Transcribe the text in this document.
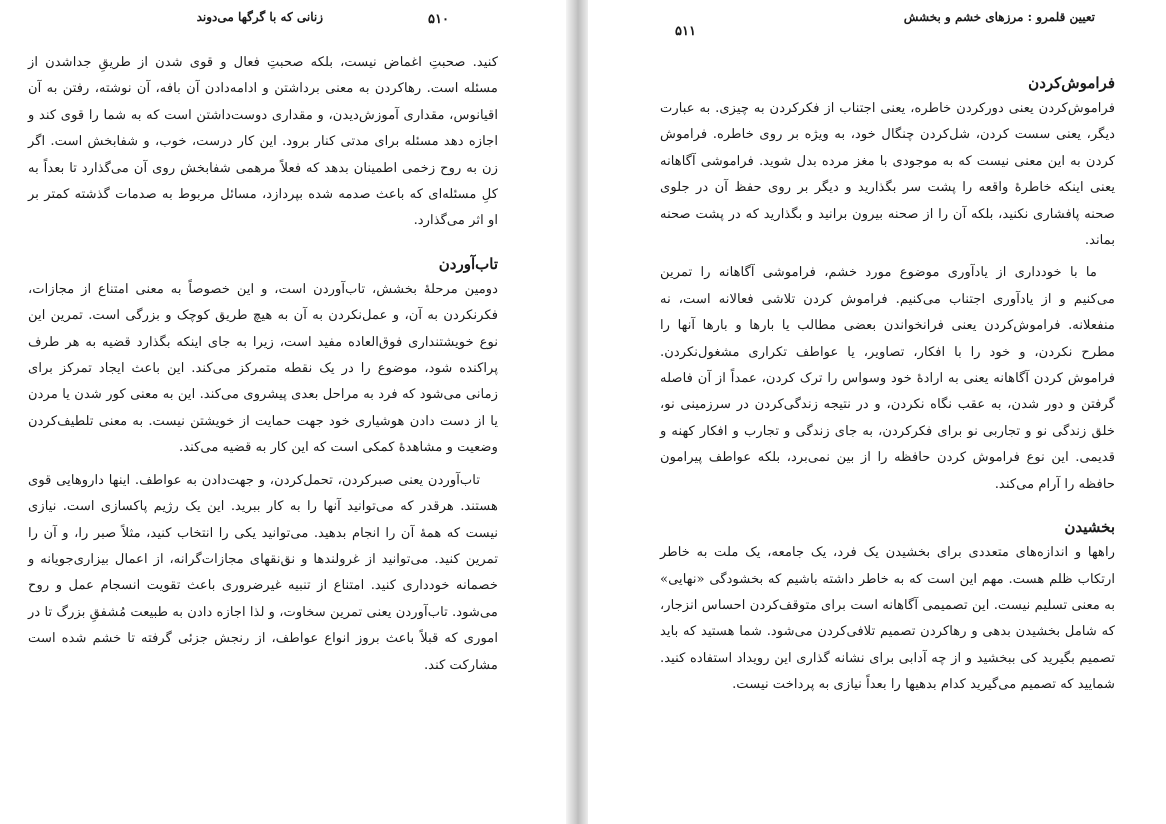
زنانی که با گرگها می‌دوند	۵۱۰

کنید. صحبتِ اغماض نیست، بلکه صحبتِ فعال و قوی شدن از طریقِ جداشدن از مسئله است. رهاکردن به معنی برداشتن و ادامه‌دادن آن بافه، آن نوشته، رفتن به آن اقیانوس، مقداری آموزش‌دیدن، و مقداری دوست‌داشتن است که به شما را قوی کند و اجازه دهد مسئله برای مدتی کنار برود. این کار درست، خوب، و شفابخش است. اگر زن به روح زخمی اطمینان بدهد که فعلاً مرهمی شفابخش روی آن می‌گذارد تا بعداً به کلِ مسئله‌ای که باعث صدمه شده بپردازد، مسائل مربوط به صدمات گذشته کمتر بر او اثر می‌گذارد.

تاب‌آوردن

دومین مرحلهٔ بخشش، تاب‌آوردن است، و این خصوصاً به معنی امتناع از مجازات، فکرنکردن به آن، و عمل‌نکردن به آن به هیچ طریق کوچک و بزرگی است. تمرین این نوع خویشتنداری فوق‌العاده مفید است، زیرا به جای اینکه بگذارد قضیه به هر طرف پراکنده شود، موضوع را در یک نقطه متمرکز می‌کند. این باعث ایجاد تمرکز برای زمانی می‌شود که فرد به مراحل بعدی پیشروی می‌کند. این به معنی کور شدن یا مردن یا از دست دادن هوشیاری خود جهت حمایت از خویشتن نیست. به معنی تلطیف‌کردن وضعیت و مشاهدهٔ کمکی است که این کار به قضیه می‌کند.

تاب‌آوردن یعنی صبرکردن، تحمل‌کردن، و جهت‌دادن به عواطف. اینها داروهایی قوی هستند. هرقدر که می‌توانید آنها را به کار ببرید. این یک رژیم پاکسازی است. نیازی نیست که همهٔ آن را انجام بدهید. می‌توانید یکی را انتخاب کنید، مثلاً صبر را، و آن را تمرین کنید. می‌توانید از غرولندها و نق‌نقهای مجازات‌گرانه، از اعمال بیزاری‌جویانه و خصمانه خودداری کنید. امتناع از تنبیه غیرضروری باعث تقویت انسجام عمل و روح می‌شود. تاب‌آوردن یعنی تمرین سخاوت، و لذا اجازه دادن به طبیعت مُشفقِ بزرگ تا در اموری که قبلاً باعث بروز انواع عواطف، از رنجش جزئی گرفته تا خشم شده است مشارکت کند.

تعیین قلمرو : مرزهای خشم و بخشش
۵۱۱
فراموش‌کردن

فراموش‌کردن یعنی دورکردن خاطره، یعنی اجتناب از فکرکردن به چیزی. به عبارت دیگر، یعنی سست کردن، شل‌کردن چنگال خود، به ویژه بر روی خاطره. فراموش کردن به این معنی نیست که به موجودی با مغز مرده بدل شوید. فراموشی آگاهانه یعنی اینکه خاطرهٔ واقعه را پشت سر بگذارید و دیگر بر روی حفظ آن در جلوی صحنه پافشاری نکنید، بلکه آن را از صحنه بیرون برانید و بگذارید که در پشت صحنه بماند.

ما با خودداری از یادآوری موضوع مورد خشم، فراموشی آگاهانه را تمرین می‌کنیم و از یادآوری اجتناب می‌کنیم. فراموش کردن تلاشی فعالانه است، نه منفعلانه. فراموش‌کردن یعنی فرانخواندن بعضی مطالب یا بارها و بارها آنها را مطرح نکردن، و خود را با افکار، تصاویر، یا عواطف تکراری مشغول‌نکردن. فراموش کردن آگاهانه یعنی به ارادهٔ خود وسواس را ترک کردن، عمداً از آن فاصله گرفتن و دور شدن، به عقب نگاه نکردن، و در نتیجه زندگی‌کردن در سرزمینی نو، خلق زندگی نو و تجاربی نو برای فکرکردن، به جای زندگی و تجارب و افکار کهنه و قدیمی. این نوع فراموش کردن حافظه را از بین نمی‌برد، بلکه عواطف پیرامون حافظه را آرام می‌کند.

بخشیدن

راهها و اندازه‌های متعددی برای بخشیدن یک فرد، یک جامعه، یک ملت به خاطر ارتکاب ظلم هست. مهم این است که به خاطر داشته باشیم که بخشودگی «نهایی» به معنی تسلیم نیست. این تصمیمی آگاهانه است برای متوقف‌کردن احساس انزجار، که شامل بخشیدن بدهی و رهاکردن تصمیم تلافی‌کردن می‌شود. شما هستید که باید تصمیم بگیرید کی ببخشید و از چه آدابی برای نشانه گذاری این رویداد استفاده کنید. شمایید که تصمیم می‌گیرید کدام بدهیها را بعداً نیازی به پرداخت نیست.
